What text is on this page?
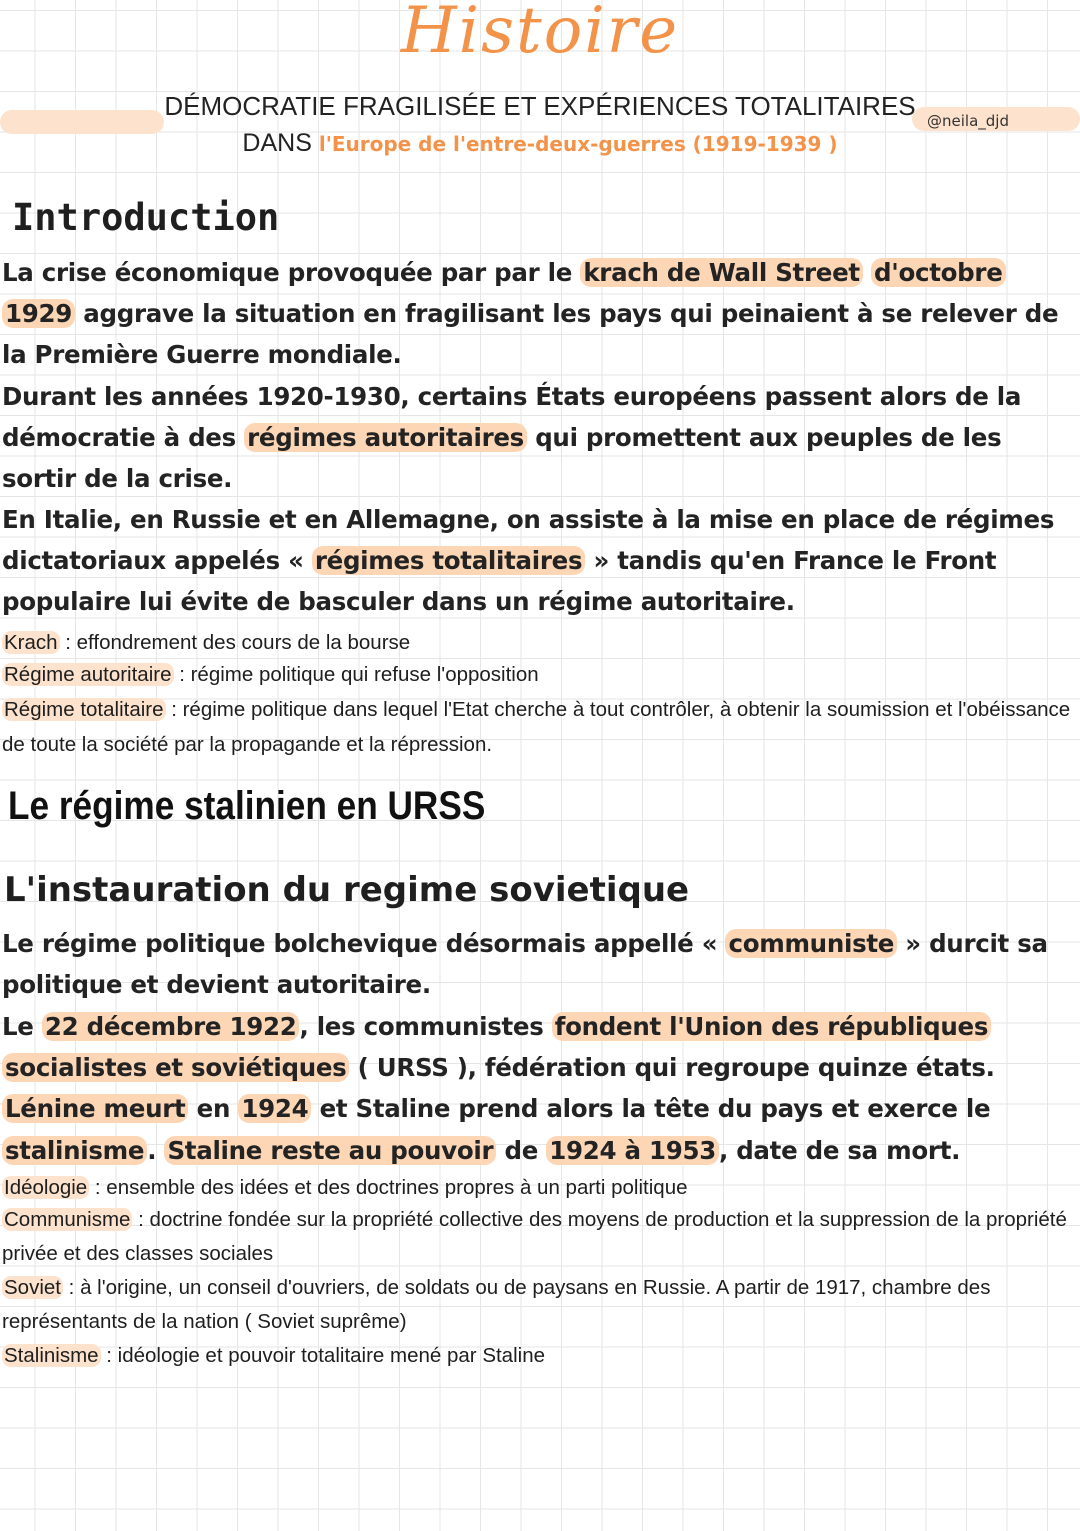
Histoire
DÉMOCRATIE FRAGILISÉE ET EXPÉRIENCES TOTALITAIRES
DANS l'Europe de l'entre-deux-guerres (1919-1939 )
@neila_djd
Introduction
La crise économique provoquée par par le krach de Wall Street d'octobre 1929 aggrave la situation en fragilisant les pays qui peinaient à se relever de la Première Guerre mondiale.
Durant les années 1920-1930, certains États européens passent alors de la démocratie à des régimes autoritaires qui promettent aux peuples de les sortir de la crise.
En Italie, en Russie et en Allemagne, on assiste à la mise en place de régimes dictatoriaux appelés « régimes totalitaires » tandis qu'en France le Front populaire lui évite de basculer dans un régime autoritaire.

Krach : effondrement des cours de la bourse

Régime autoritaire : régime politique qui refuse l'opposition

Régime totalitaire : régime politique dans lequel l'Etat cherche à tout contrôler, à obtenir la soumission et l'obéissance de toute la société par la propagande et la répression.

Le régime stalinien en URSS
L'instauration du regime sovietique
Le régime politique bolchevique désormais appellé « communiste » durcit sa politique et devient autoritaire.
Le 22 décembre 1922 , les communistes fondent l'Union des républiques socialistes et soviétiques ( URSS ), fédération qui regroupe quinze états. Lénine meurt en 1924 et Staline prend alors la tête du pays et exerce le stalinisme . Staline reste au pouvoir de 1924 à 1953 , date de sa mort.

Idéologie : ensemble des idées et des doctrines propres à un parti politique

Communisme : doctrine fondée sur la propriété collective des moyens de production et la suppression de la propriété privée et des classes sociales

Soviet : à l'origine, un conseil d'ouvriers, de soldats ou de paysans en Russie. A partir de 1917, chambre des représentants de la nation ( Soviet suprême)

Stalinisme : idéologie et pouvoir totalitaire mené par Staline
